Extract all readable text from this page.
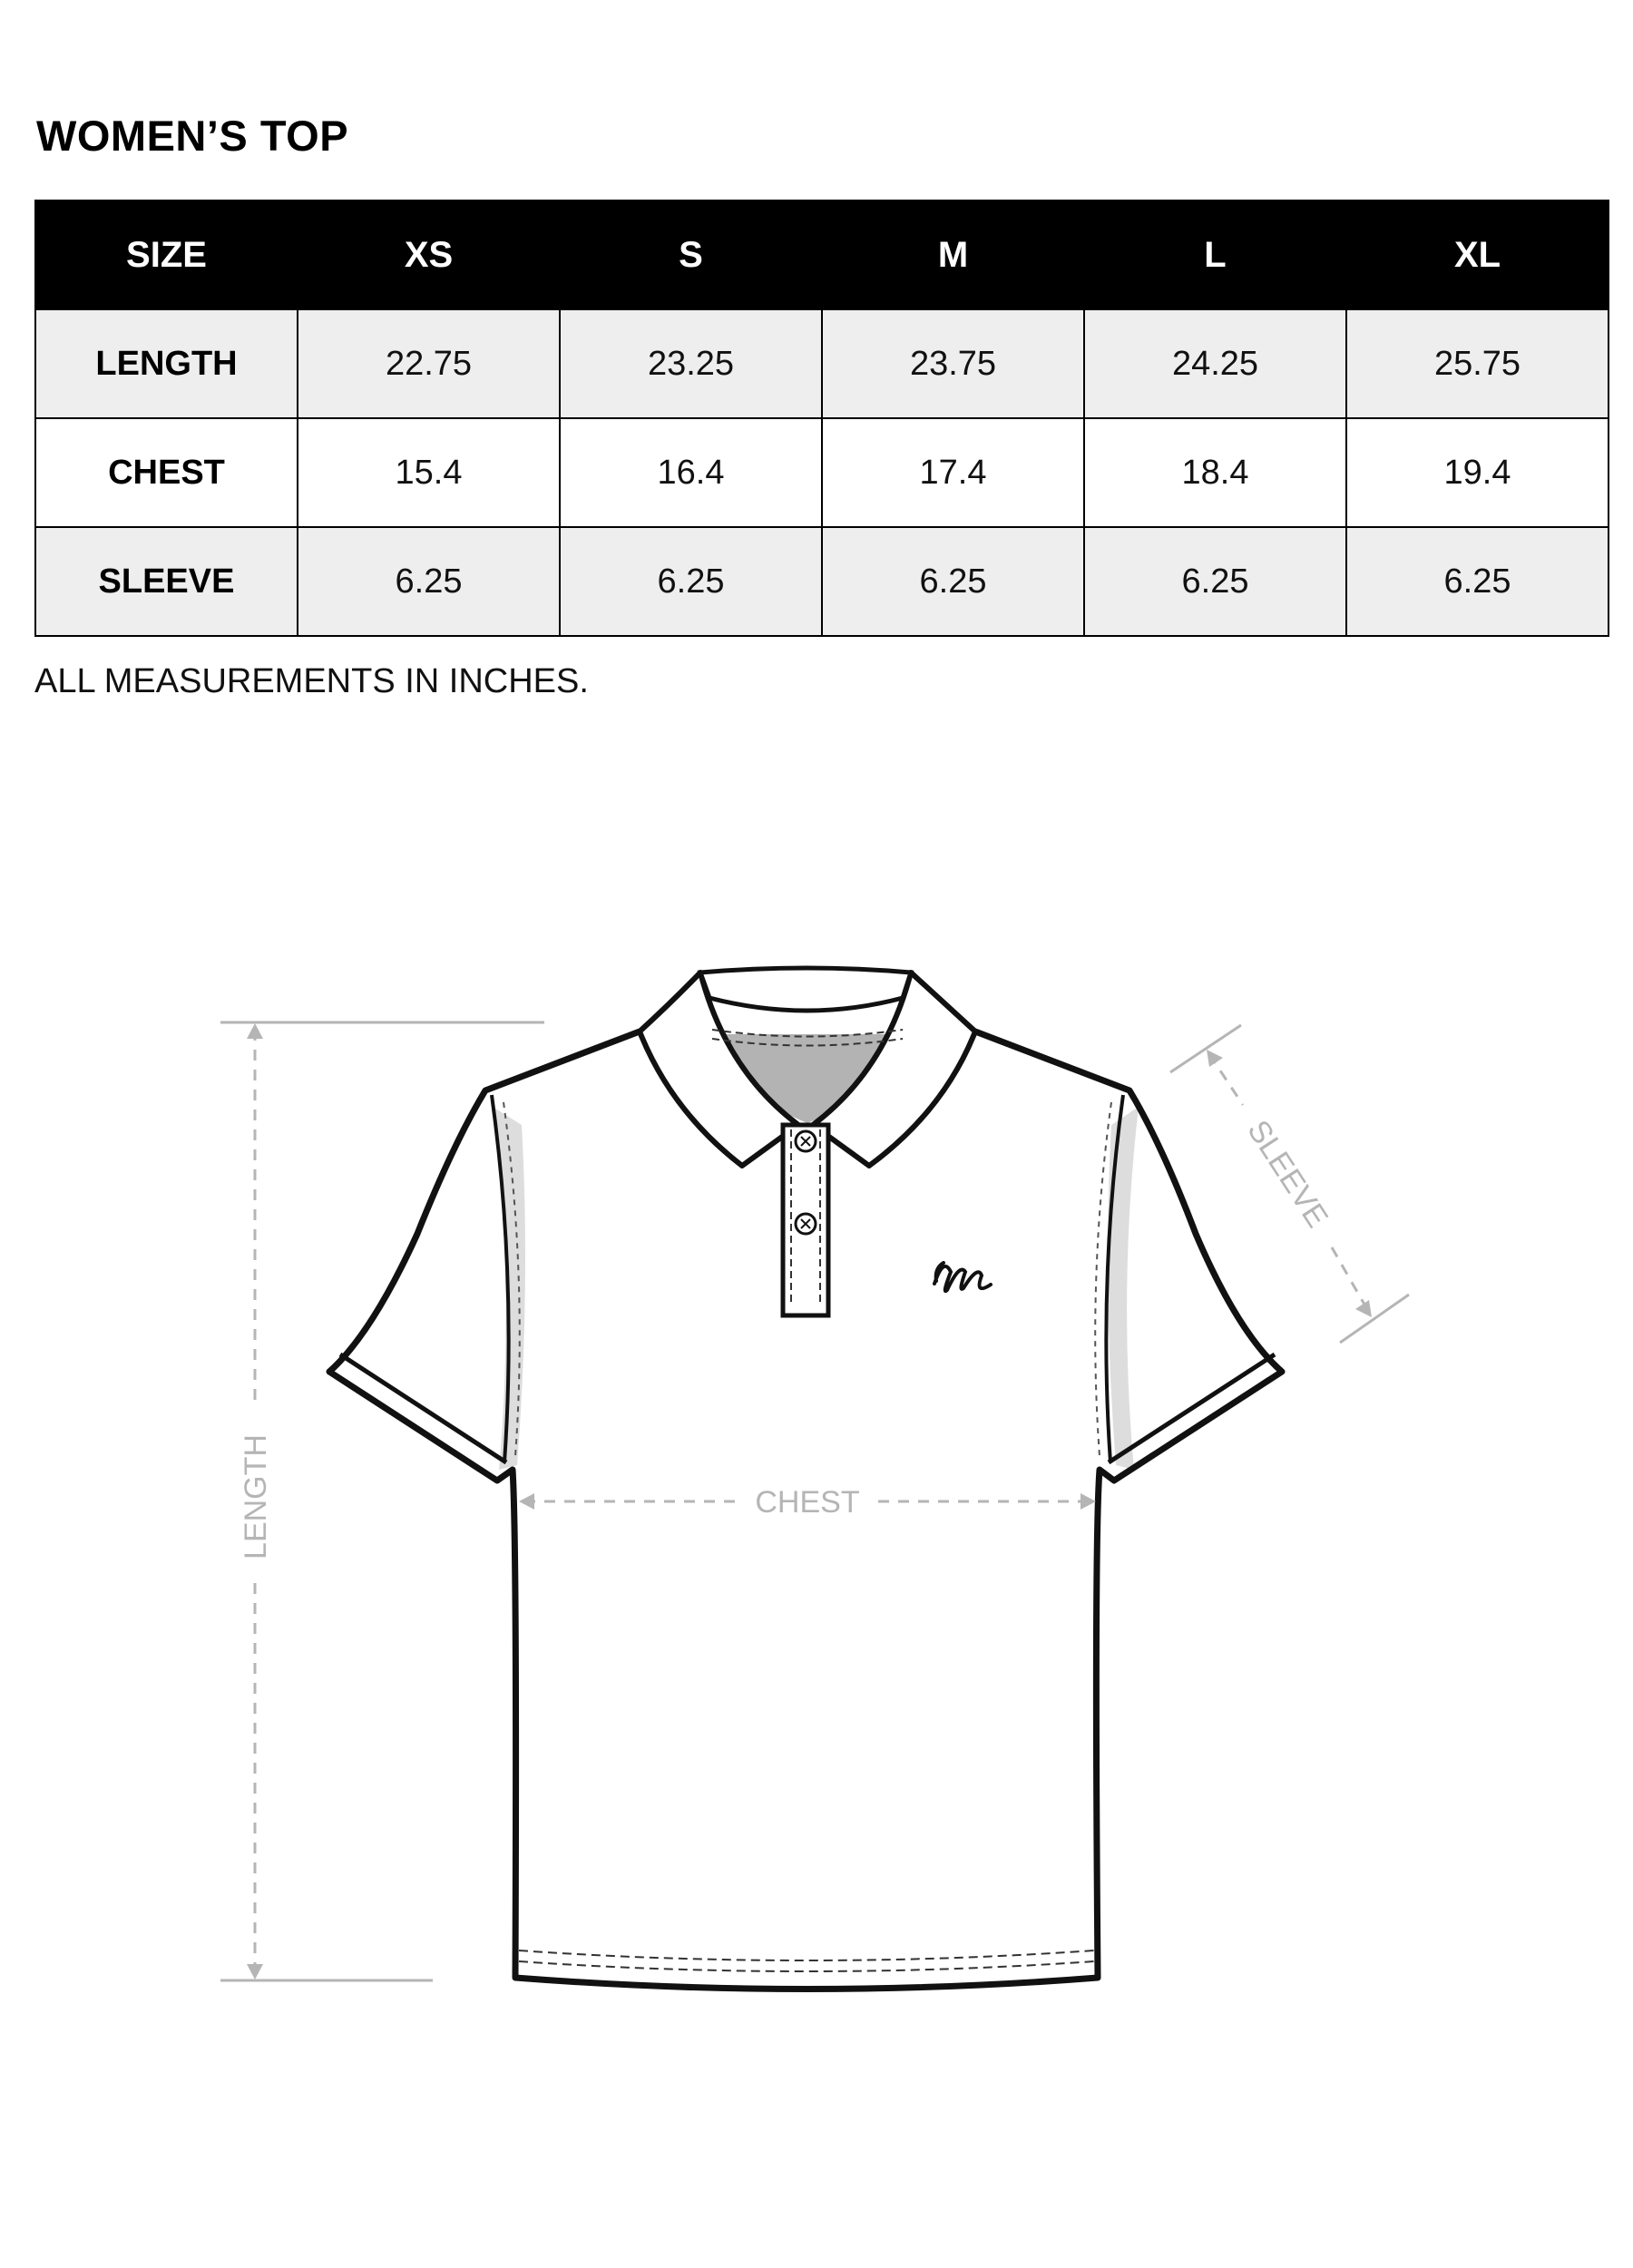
WOMEN’S TOP
SIZE	XS	S	M	L	XL
LENGTH	22.75	23.25	23.75	24.25	25.75
CHEST	15.4	16.4	17.4	18.4	19.4
SLEEVE	6.25	6.25	6.25	6.25	6.25

ALL MEASUREMENTS IN INCHES.

LENGTH	CHEST
SLEEVE
